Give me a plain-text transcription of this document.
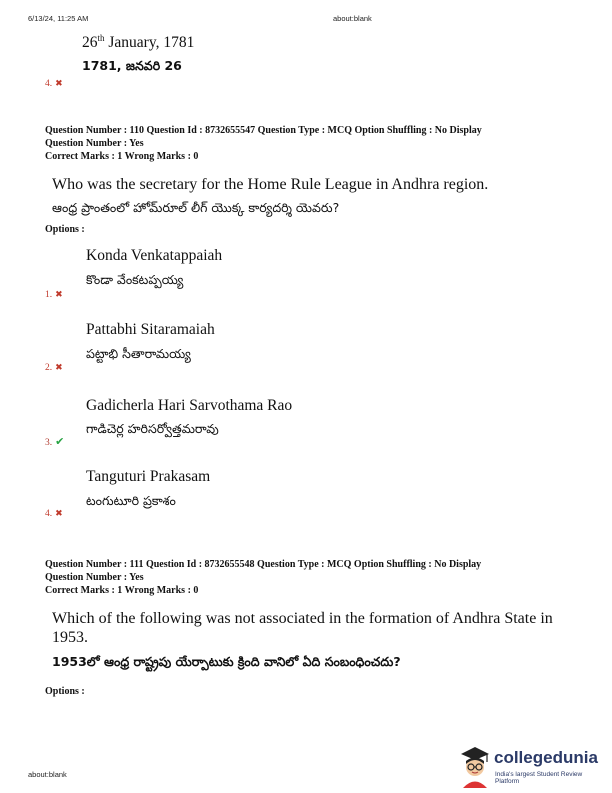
6/13/24, 11:25 AM	about:blank
26th January, 1781
1781, జనవరి 26
4. ✖
Question Number : 110 Question Id : 8732655547 Question Type : MCQ Option Shuffling : No Display
Question Number : Yes
Correct Marks : 1 Wrong Marks : 0
Who was the secretary for the Home Rule League in Andhra region.
ఆంధ్ర ప్రాంతంలో హోమ్‌రూల్ లీగ్ యొక్క కార్యదర్శి యెవరు?
Options :
Konda Venkatappaiah
కొండా వేంకటప్పయ్య
1. ✖
Pattabhi Sitaramaiah
పట్టాభి సీతారామయ్య
2. ✖
Gadicherla Hari Sarvothama Rao
గాడిచెర్ల హరిసర్వోత్తమరావు
3. ✔
Tanguturi Prakasam
టంగుటూరి ప్రకాశం
4. ✖
Question Number : 111 Question Id : 8732655548 Question Type : MCQ Option Shuffling : No Display
Question Number : Yes
Correct Marks : 1 Wrong Marks : 0
Which of the following was not associated in the formation of Andhra State in 1953.
1953లో ఆంధ్ర రాష్ట్రపు యేర్పాటుకు క్రింది వానిలో ఏది సంబంధించదు?
Options :
about:blank
collegedunia
India's largest Student Review Platform
